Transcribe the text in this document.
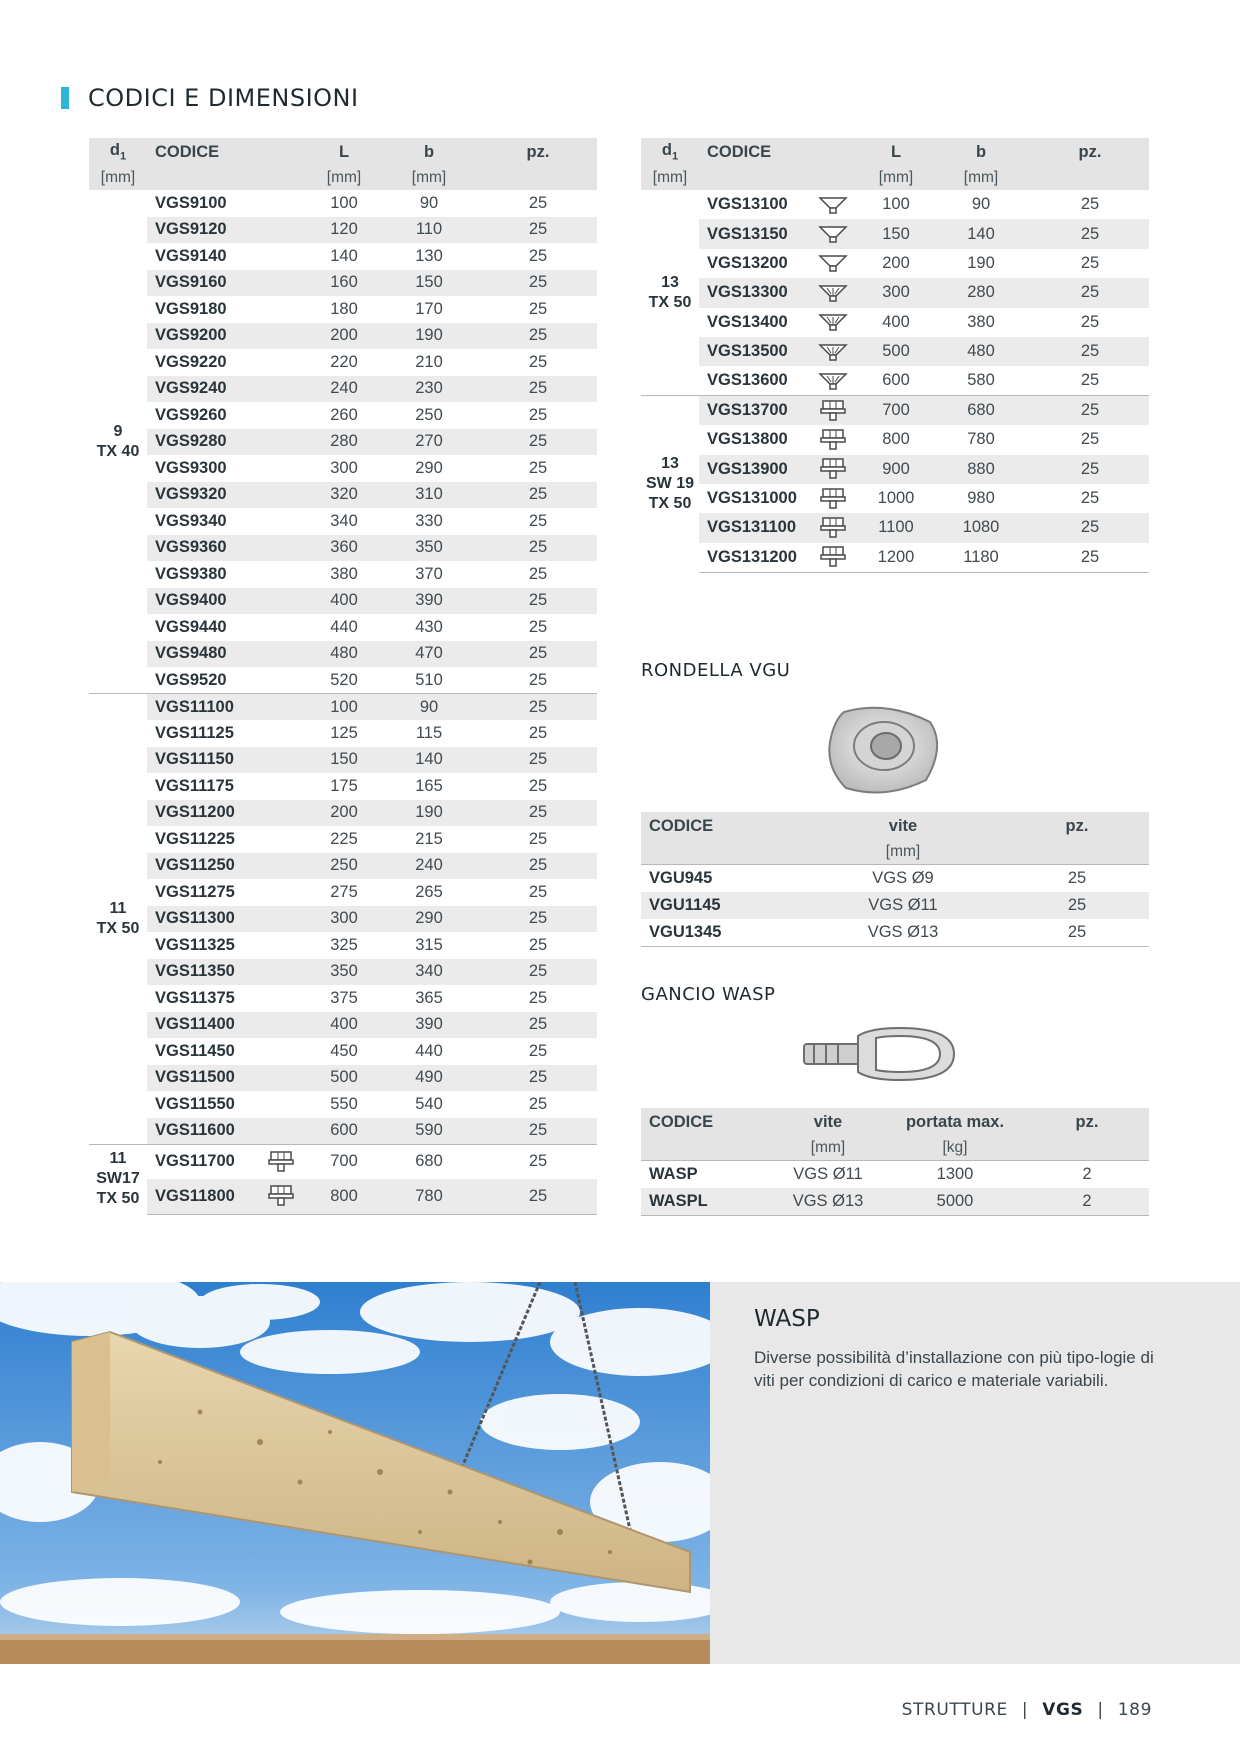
CODICI E DIMENSIONI
$d_1$	CODICE		L	b	pz.
[mm]			[mm]	[mm]	

9
TX 40	VGS9100		100	90	25
	VGS9120		120	110	25
	VGS9140		140	130	25
	VGS9160		160	150	25
	VGS9180		180	170	25
	VGS9200		200	190	25
	VGS9220		220	210	25
	VGS9240		240	230	25
	VGS9260		260	250	25
	VGS9280		280	270	25
	VGS9300		300	290	25
	VGS9320		320	310	25
	VGS9340		340	330	25
	VGS9360		360	350	25
	VGS9380		380	370	25
	VGS9400		400	390	25
	VGS9440		440	430	25
	VGS9480		480	470	25
	VGS9520		520	510	25

11
TX 50	VGS11100		100	90	25
	VGS11125		125	115	25
	VGS11150		150	140	25
	VGS11175		175	165	25
	VGS11200		200	190	25
	VGS11225		225	215	25
	VGS11250		250	240	25
	VGS11275		275	265	25
	VGS11300		300	290	25
	VGS11325		325	315	25
	VGS11350		350	340	25
	VGS11375		375	365	25
	VGS11400		400	390	25
	VGS11450		450	440	25
	VGS11500		500	490	25
	VGS11550		550	540	25
	VGS11600		600	590	25

11
SW17
TX 50	VGS11700		700	680	25
	VGS11800		800	780	25
$d_1$	CODICE		L	b	pz.
[mm]			[mm]	[mm]	

13
TX 50	VGS13100		100	90	25
	VGS13150		150	140	25
	VGS13200		200	190	25
	VGS13300		300	280	25
	VGS13400		400	380	25
	VGS13500		500	480	25
	VGS13600		600	580	25

13
SW 19
TX 50	VGS13700		700	680	25
	VGS13800		800	780	25
	VGS13900		900	880	25
	VGS131000		1000	980	25
	VGS131100		1100	1080	25
	VGS131200		1200	1180	25
RONDELLA VGU
CODICE	vite	pz.
	[mm]	
VGU945	VGS Ø9	25
VGU1145	VGS Ø11	25
VGU1345	VGS Ø13	25
GANCIO WASP
CODICE	vite	portata max.	pz.
	[mm]	[kg]	
WASP	VGS Ø11	1300	2
WASPL	VGS Ø13	5000	2
WASP
Diverse possibilità d’installazione con più tipo-logie di viti per condizioni di carico e materiale variabili.
STRUTTURE | VGS | 189
